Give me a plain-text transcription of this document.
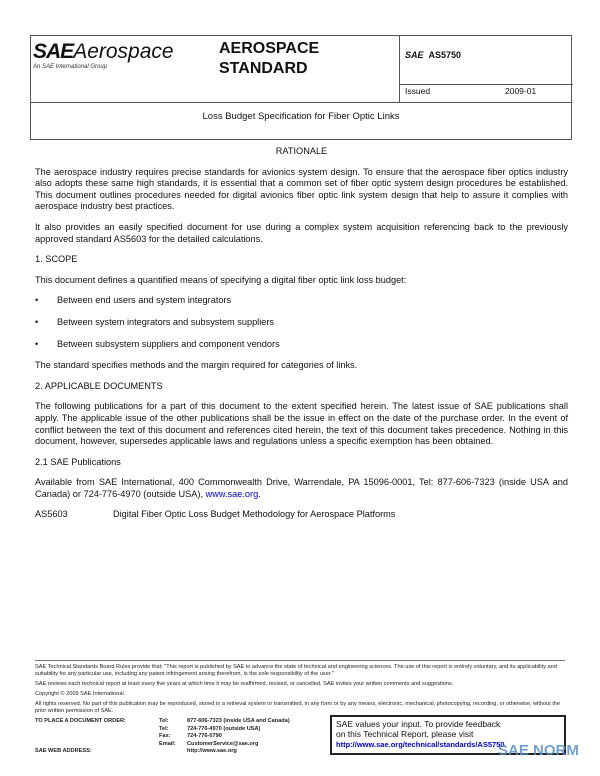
SAEAerospace
An SAE International Group
AEROSPACE
STANDARD
SAE AS5750
Issued	2009-01
Loss Budget Specification for Fiber Optic Links

RATIONALE

The aerospace industry requires precise standards for avionics system design. To ensure that the aerospace fiber optics industry also adopts these same high standards, it is essential that a common set of fiber optic system design procedures be established. This document outlines procedures needed for digital avionics fiber optic link system design that help to assure it complies with aerospace industry best practices.

It also provides an easily specified document for use during a complex system acquisition referencing back to the previously approved standard AS5603 for the detailed calculations.

1. SCOPE

This document defines a quantified means of specifying a digital fiber optic link loss budget:

•	Between end users and system integrators
•	Between system integrators and subsystem suppliers
•	Between subsystem suppliers and component vendors

The standard specifies methods and the margin required for categories of links.

2. APPLICABLE DOCUMENTS

The following publications for a part of this document to the extent specified herein. The latest issue of SAE publications shall apply. The applicable issue of the other publications shall be the issue in effect on the date of the purchase order. In the event of conflict between the text of this document and references cited herein, the text of this document takes precedence. Nothing in this document, however, supersedes applicable laws and regulations unless a specific exemption has been obtained.

2.1 SAE Publications

Available from SAE International, 400 Commonwealth Drive, Warrendale, PA 15096-0001, Tel: 877-606-7323 (inside USA and Canada) or 724-776-4970 (outside USA), www.sae.org.

AS5603	Digital Fiber Optic Loss Budget Methodology for Aerospace Platforms

SAE Technical Standards Board Rules provide that: "This report is published by SAE to advance the state of technical and engineering sciences. The use of this report is entirely voluntary, and its applicability and suitability for any particular use, including any patent infringement arising therefrom, is the sole responsibility of the user."

SAE reviews each technical report at least every five years at which time it may be reaffirmed, revised, or cancelled. SAE invites your written comments and suggestions.

Copyright © 2009 SAE International

All rights reserved. No part of this publication may be reproduced, stored in a retrieval system or transmitted, in any form or by any means, electronic, mechanical, photocopying, recording, or otherwise, without the prior written permission of SAE.

TO PLACE A DOCUMENT ORDER:	Tel:	877-606-7323 (inside USA and Canada)
Tel:	724-776-4970 (outside USA)
Fax:	724-776-0790
Email:	CustomerService@sae.org
SAE WEB ADDRESS:	http://www.sae.org
SAE values your input. To provide feedback
on this Technical Report, please visit
http://www.sae.org/technical/standards/AS5750
SAE NORM
